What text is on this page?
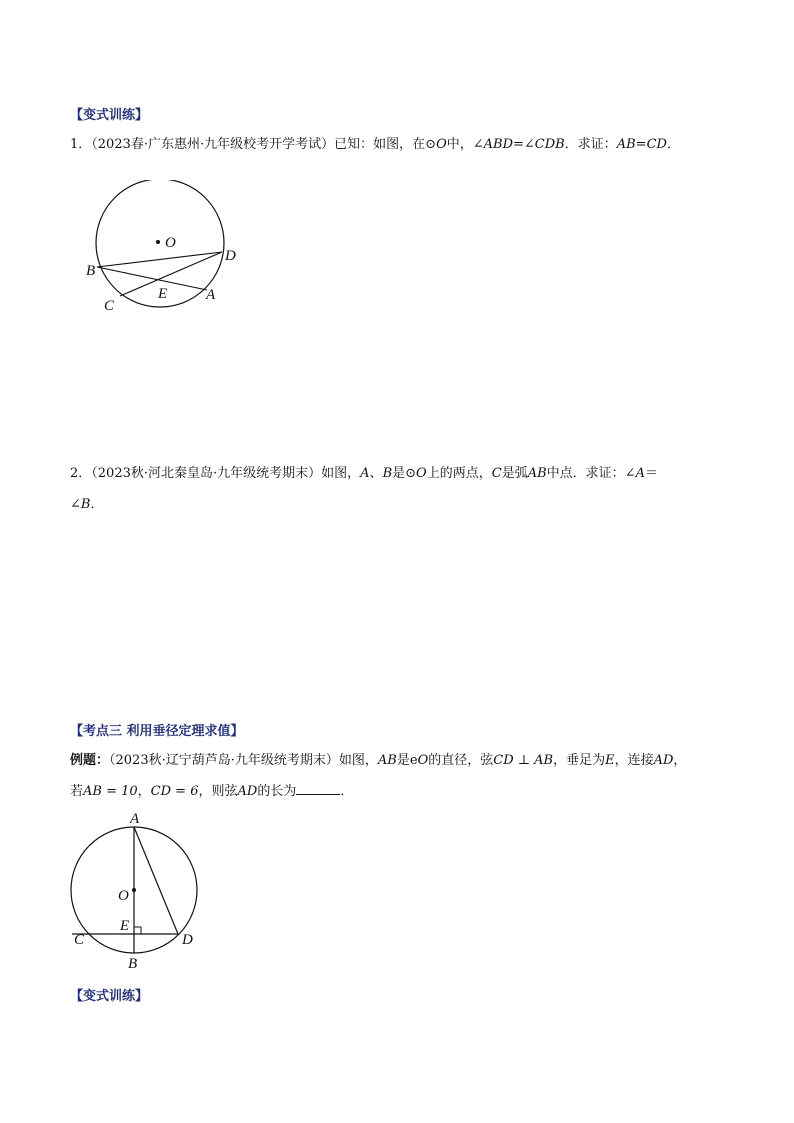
【变式训练】
1．（2023春·广东惠州·九年级校考开学考试）已知：如图，在⊙O中，∠ABD=∠CDB．求证：AB=CD．
O
D
B
E	A
C
2．（2023秋·河北秦皇岛·九年级统考期末）如图，A、B是⊙O上的两点，C是弧AB中点．求证：∠A＝
∠B．
【考点三 利用垂径定理求值】
例题：（2023秋·辽宁葫芦岛·九年级统考期末）如图，AB是eO的直径，弦CD ⊥ AB，垂足为E，连接AD，
若AB = 10，CD = 6，则弦AD的长为	．
A
O
E
C	D
B
【变式训练】
